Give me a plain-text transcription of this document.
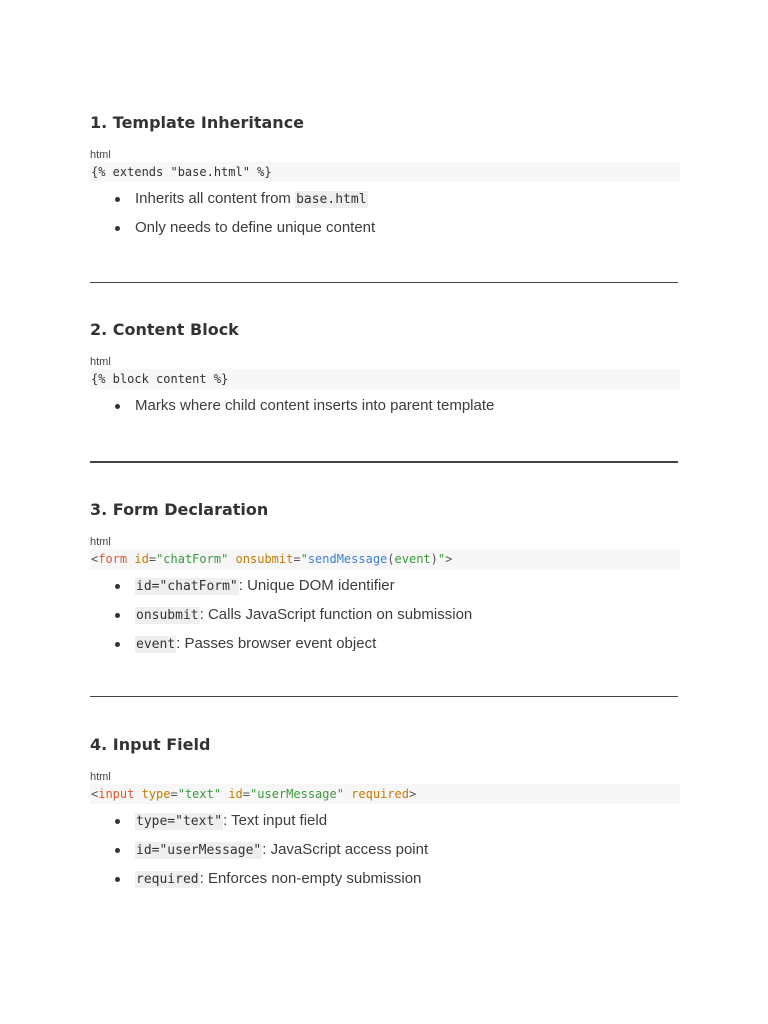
1. Template Inheritance
html
{% extends "base.html" %}
Inherits all content from base.html
Only needs to define unique content
2. Content Block
html
{% block content %}
Marks where child content inserts into parent template
3. Form Declaration
html
<form id="chatForm" onsubmit="sendMessage(event)">
id="chatForm": Unique DOM identifier
onsubmit: Calls JavaScript function on submission
event: Passes browser event object
4. Input Field
html
<input type="text" id="userMessage" required>
type="text": Text input field
id="userMessage": JavaScript access point
required: Enforces non-empty submission
